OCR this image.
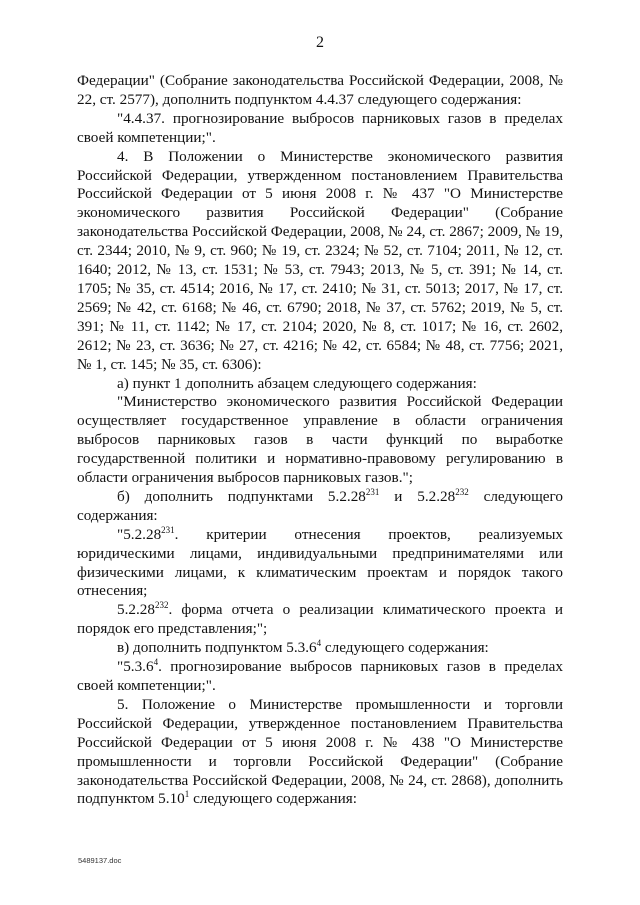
2

Федерации" (Собрание законодательства Российской Федерации, 2008, № 22, ст. 2577), дополнить подпунктом 4.4.37 следующего содержания:

"4.4.37. прогнозирование выбросов парниковых газов в пределах своей компетенции;".

4. В Положении о Министерстве экономического развития Российской Федерации, утвержденном постановлением Правительства Российской Федерации от 5 июня 2008 г. № 437 "О Министерстве экономического развития Российской Федерации" (Собрание законодательства Российской Федерации, 2008, № 24, ст. 2867; 2009, № 19, ст. 2344; 2010, № 9, ст. 960; № 19, ст. 2324; № 52, ст. 7104; 2011, № 12, ст. 1640; 2012, № 13, ст. 1531; № 53, ст. 7943; 2013, № 5, ст. 391; № 14, ст. 1705; № 35, ст. 4514; 2016, № 17, ст. 2410; № 31, ст. 5013; 2017, № 17, ст. 2569; № 42, ст. 6168; № 46, ст. 6790; 2018, № 37, ст. 5762; 2019, № 5, ст. 391; № 11, ст. 1142; № 17, ст. 2104; 2020, № 8, ст. 1017; № 16, ст. 2602, 2612; № 23, ст. 3636; № 27, ст. 4216; № 42, ст. 6584; № 48, ст. 7756; 2021, № 1, ст. 145; № 35, ст. 6306):

а) пункт 1 дополнить абзацем следующего содержания:

"Министерство экономического развития Российской Федерации осуществляет государственное управление в области ограничения выбросов парниковых газов в части функций по выработке государственной политики и нормативно-правовому регулированию в области ограничения выбросов парниковых газов.";

б) дополнить подпунктами 5.2.28$^{231}$ и 5.2.28$^{232}$ следующего содержания:

"5.2.28$^{231}$. критерии отнесения проектов, реализуемых юридическими лицами, индивидуальными предпринимателями или физическими лицами, к климатическим проектам и порядок такого отнесения;

5.2.28$^{232}$. форма отчета о реализации климатического проекта и порядок его представления;";

в) дополнить подпунктом 5.3.6$^4$ следующего содержания:

"5.3.6$^4$. прогнозирование выбросов парниковых газов в пределах своей компетенции;".

5. Положение о Министерстве промышленности и торговли Российской Федерации, утвержденное постановлением Правительства Российской Федерации от 5 июня 2008 г. № 438 "О Министерстве промышленности и торговли Российской Федерации" (Собрание законодательства Российской Федерации, 2008, № 24, ст. 2868), дополнить подпунктом 5.10$^1$ следующего содержания:

5489137.doc
